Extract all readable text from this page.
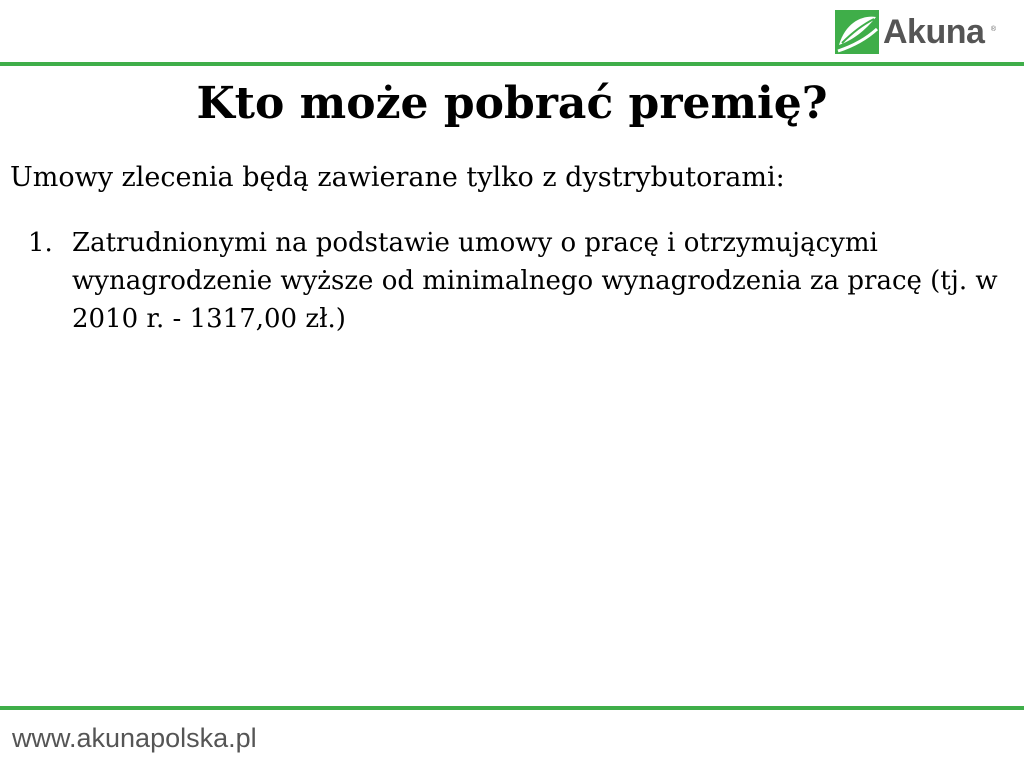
Akuna ®
Kto może pobrać premię?

Umowy zlecenia będą zawierane tylko z dystrybutorami:

1. Zatrudnionymi na podstawie umowy o pracę i otrzymującymi wynagrodzenie wyższe od minimalnego wynagrodzenia za pracę (tj. w 2010 r. - 1317,00 zł.)
www.akunapolska.pl
